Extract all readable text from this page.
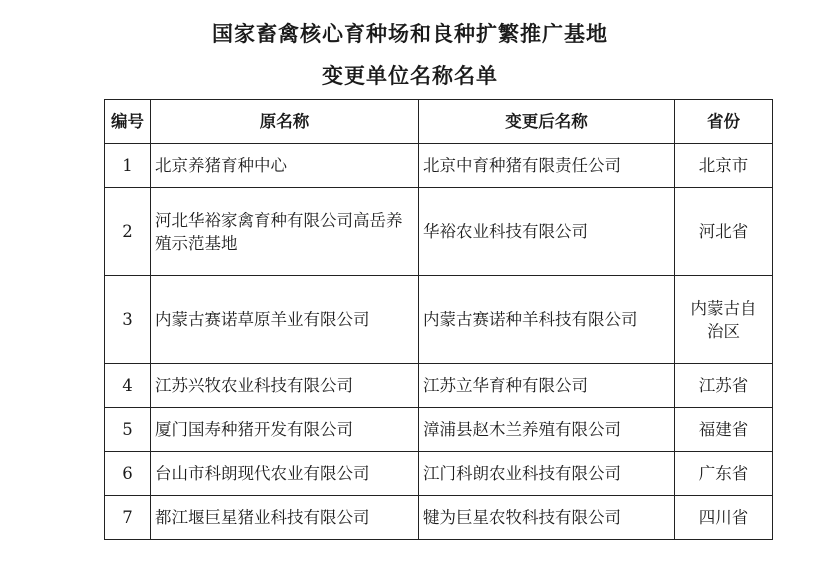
国家畜禽核心育种场和良种扩繁推广基地
变更单位名称名单
编号	原名称	变更后名称	省份
1	北京养猪育种中心	北京中育种猪有限责任公司	北京市
2	河北华裕家禽育种有限公司高岳养殖示范基地	华裕农业科技有限公司	河北省
3	内蒙古赛诺草原羊业有限公司	内蒙古赛诺种羊科技有限公司	内蒙古自治区
4	江苏兴牧农业科技有限公司	江苏立华育种有限公司	江苏省
5	厦门国寿种猪开发有限公司	漳浦县赵木兰养殖有限公司	福建省
6	台山市科朗现代农业有限公司	江门科朗农业科技有限公司	广东省
7	都江堰巨星猪业科技有限公司	犍为巨星农牧科技有限公司	四川省
